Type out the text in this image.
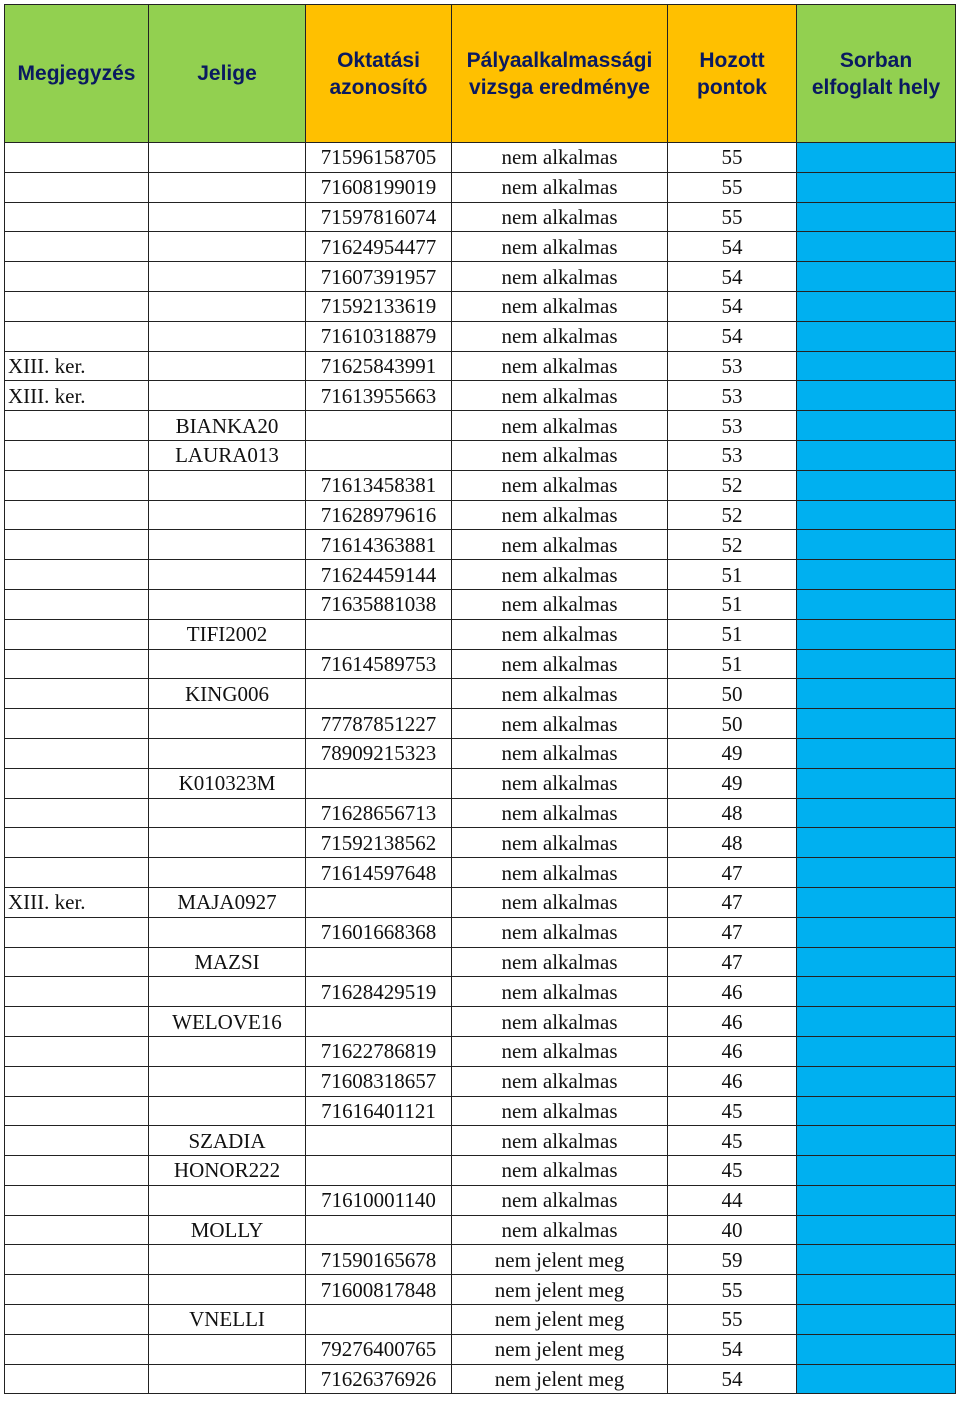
Megjegyzés	Jelige	Oktatási azonosító	Pályaalkalmassági vizsga eredménye	Hozott pontok	Sorban elfoglalt hely
		71596158705	nem alkalmas	55	
		71608199019	nem alkalmas	55	
		71597816074	nem alkalmas	55	
		71624954477	nem alkalmas	54	
		71607391957	nem alkalmas	54	
		71592133619	nem alkalmas	54	
		71610318879	nem alkalmas	54	
XIII. ker.		71625843991	nem alkalmas	53	
XIII. ker.		71613955663	nem alkalmas	53	
	BIANKA20		nem alkalmas	53	
	LAURA013		nem alkalmas	53	
		71613458381	nem alkalmas	52	
		71628979616	nem alkalmas	52	
		71614363881	nem alkalmas	52	
		71624459144	nem alkalmas	51	
		71635881038	nem alkalmas	51	
	TIFI2002		nem alkalmas	51	
		71614589753	nem alkalmas	51	
	KING006		nem alkalmas	50	
		77787851227	nem alkalmas	50	
		78909215323	nem alkalmas	49	
	K010323M		nem alkalmas	49	
		71628656713	nem alkalmas	48	
		71592138562	nem alkalmas	48	
		71614597648	nem alkalmas	47	
XIII. ker.	MAJA0927		nem alkalmas	47	
		71601668368	nem alkalmas	47	
	MAZSI		nem alkalmas	47	
		71628429519	nem alkalmas	46	
	WELOVE16		nem alkalmas	46	
		71622786819	nem alkalmas	46	
		71608318657	nem alkalmas	46	
		71616401121	nem alkalmas	45	
	SZADIA		nem alkalmas	45	
	HONOR222		nem alkalmas	45	
		71610001140	nem alkalmas	44	
	MOLLY		nem alkalmas	40	
		71590165678	nem jelent meg	59	
		71600817848	nem jelent meg	55	
	VNELLI		nem jelent meg	55	
		79276400765	nem jelent meg	54	
		71626376926	nem jelent meg	54	
